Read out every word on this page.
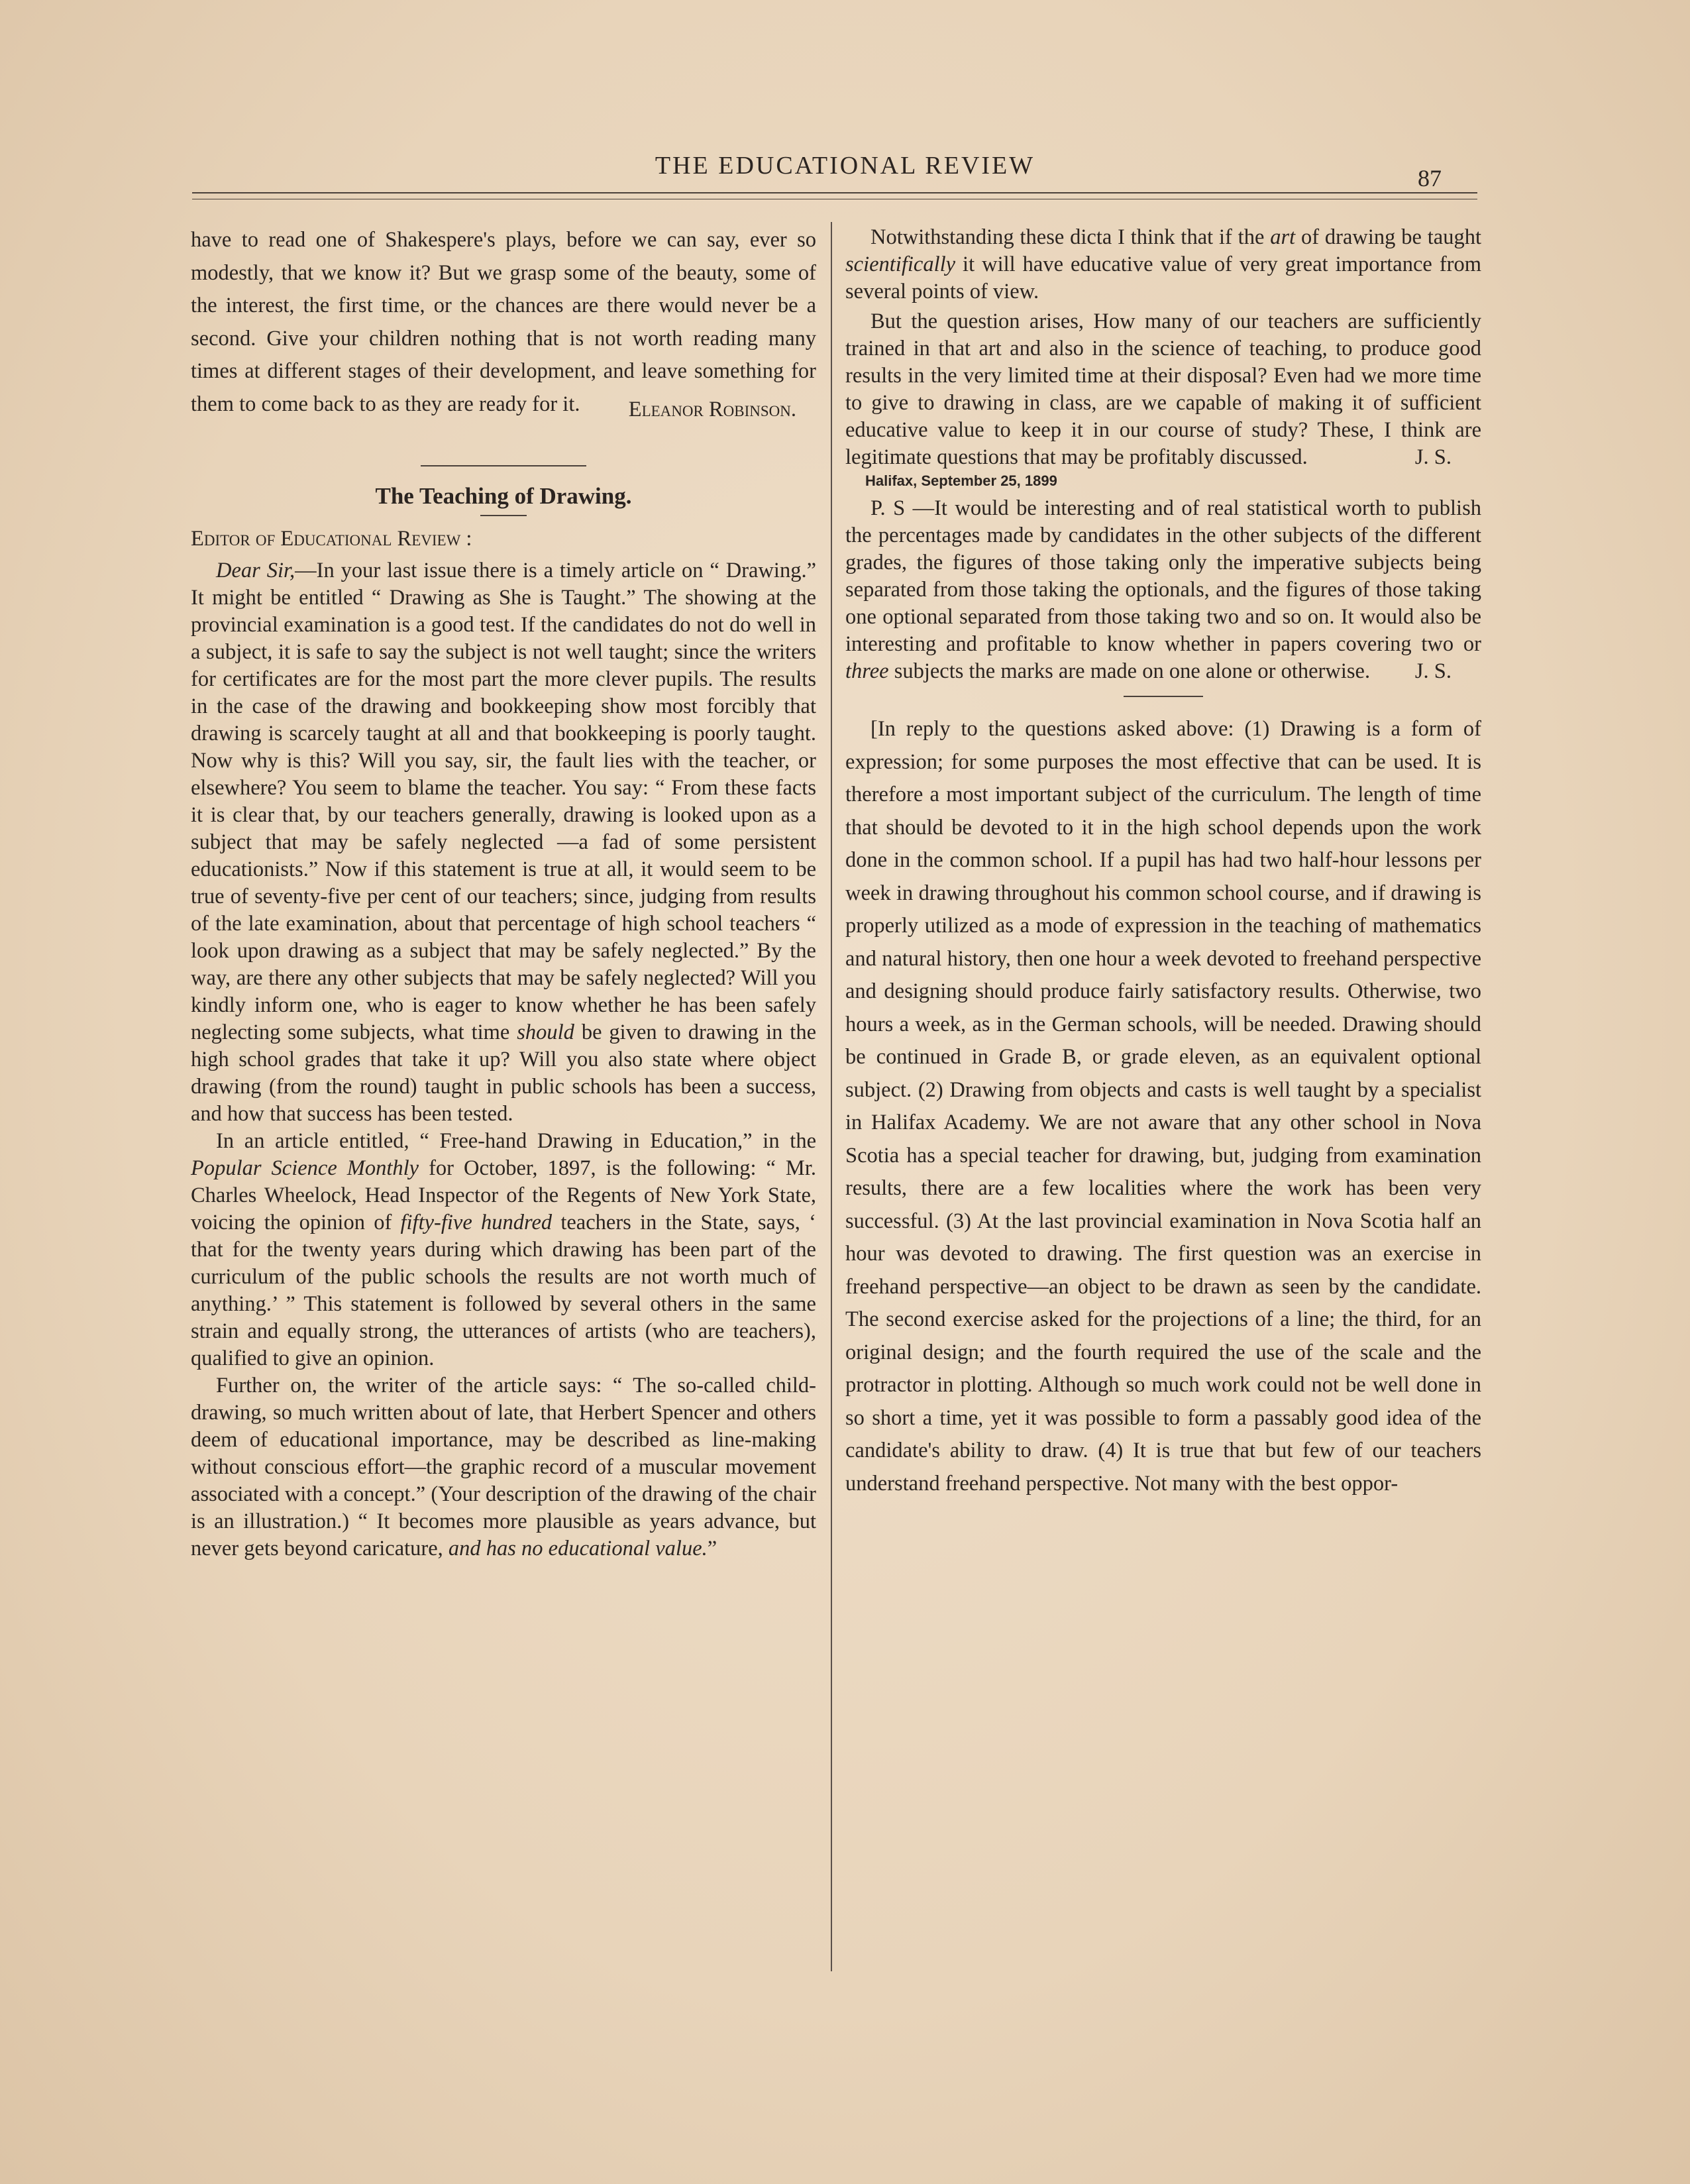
THE EDUCATIONAL REVIEW	87

have to read one of Shakespere's plays, before we can say, ever so modestly, that we know it? But we grasp some of the beauty, some of the interest, the first time, or the chances are there would never be a second. Give your children nothing that is not worth reading many times at different stages of their development, and leave something for them to come back to as they are ready for it.	Eleanor Robinson.

The Teaching of Drawing.

Editor of Educational Review :

Dear Sir,—In your last issue there is a timely article on “ Drawing.” It might be entitled “ Drawing as She is Taught.” The showing at the provincial examination is a good test. If the candidates do not do well in a subject, it is safe to say the subject is not well taught; since the writers for certificates are for the most part the more clever pupils. The results in the case of the drawing and bookkeeping show most forcibly that drawing is scarcely taught at all and that bookkeeping is poorly taught. Now why is this? Will you say, sir, the fault lies with the teacher, or elsewhere? You seem to blame the teacher. You say: “ From these facts it is clear that, by our teachers generally, drawing is looked upon as a subject that may be safely neglected —a fad of some persistent educationists.” Now if this statement is true at all, it would seem to be true of seventy-five per cent of our teachers; since, judging from results of the late examination, about that percentage of high school teachers “ look upon drawing as a subject that may be safely neglected.” By the way, are there any other subjects that may be safely neglected? Will you kindly inform one, who is eager to know whether he has been safely neglecting some subjects, what time should be given to drawing in the high school grades that take it up? Will you also state where object drawing (from the round) taught in public schools has been a success, and how that success has been tested.

In an article entitled, “ Free-hand Drawing in Education,” in the Popular Science Monthly for October, 1897, is the following: “ Mr. Charles Wheelock, Head Inspector of the Regents of New York State, voicing the opinion of fifty-five hundred teachers in the State, says, ‘ that for the twenty years during which drawing has been part of the curriculum of the public schools the results are not worth much of anything.’ ” This statement is followed by several others in the same strain and equally strong, the utterances of artists (who are teachers), qualified to give an opinion.

Further on, the writer of the article says: “ The so-called child-drawing, so much written about of late, that Herbert Spencer and others deem of educational importance, may be described as line-making without conscious effort—the graphic record of a muscular movement associated with a concept.” (Your description of the drawing of the chair is an illustration.) “ It becomes more plausible as years advance, but never gets beyond caricature, and has no educational value.”

Notwithstanding these dicta I think that if the art of drawing be taught scientifically it will have educative value of very great importance from several points of view.

But the question arises, How many of our teachers are sufficiently trained in that art and also in the science of teaching, to produce good results in the very limited time at their disposal? Even had we more time to give to drawing in class, are we capable of making it of sufficient educative value to keep it in our course of study? These, I think are legitimate questions that may be profitably discussed.	J. S.

Halifax, September 25, 1899

P. S —It would be interesting and of real statistical worth to publish the percentages made by candidates in the other subjects of the different grades, the figures of those taking only the imperative subjects being separated from those taking the optionals, and the figures of those taking one optional separated from those taking two and so on. It would also be interesting and profitable to know whether in papers covering two or three subjects the marks are made on one alone or otherwise.	J. S.

[In reply to the questions asked above: (1) Drawing is a form of expression; for some purposes the most effective that can be used. It is therefore a most important subject of the curriculum. The length of time that should be devoted to it in the high school depends upon the work done in the common school. If a pupil has had two half-hour lessons per week in drawing throughout his common school course, and if drawing is properly utilized as a mode of expression in the teaching of mathematics and natural history, then one hour a week devoted to freehand perspective and designing should produce fairly satisfactory results. Otherwise, two hours a week, as in the German schools, will be needed. Drawing should be continued in Grade B, or grade eleven, as an equivalent optional subject. (2) Drawing from objects and casts is well taught by a specialist in Halifax Academy. We are not aware that any other school in Nova Scotia has a special teacher for drawing, but, judging from examination results, there are a few localities where the work has been very successful. (3) At the last provincial examination in Nova Scotia half an hour was devoted to drawing. The first question was an exercise in freehand perspective—an object to be drawn as seen by the candidate. The second exercise asked for the projections of a line; the third, for an original design; and the fourth required the use of the scale and the protractor in plotting. Although so much work could not be well done in so short a time, yet it was possible to form a passably good idea of the candidate's ability to draw. (4) It is true that but few of our teachers understand freehand perspective. Not many with the best oppor-
